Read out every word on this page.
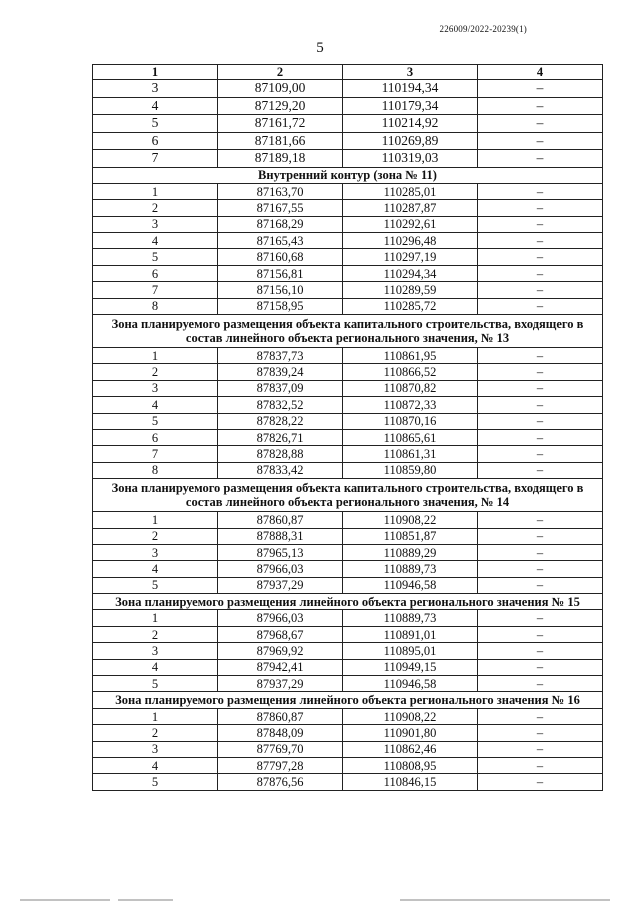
226009/2022-20239(1)
5
1	2	3	4
3	87109,00	110194,34	–
4	87129,20	110179,34	–
5	87161,72	110214,92	–
6	87181,66	110269,89	–
7	87189,18	110319,03	–
Внутренний контур (зона № 11)			
1	87163,70	110285,01	–
2	87167,55	110287,87	–
3	87168,29	110292,61	–
4	87165,43	110296,48	–
5	87160,68	110297,19	–
6	87156,81	110294,34	–
7	87156,10	110289,59	–
8	87158,95	110285,72	–
Зона планируемого размещения объекта капитального строительства, входящего в состав линейного объекта регионального значения, № 13			
1	87837,73	110861,95	–
2	87839,24	110866,52	–
3	87837,09	110870,82	–
4	87832,52	110872,33	–
5	87828,22	110870,16	–
6	87826,71	110865,61	–
7	87828,88	110861,31	–
8	87833,42	110859,80	–
Зона планируемого размещения объекта капитального строительства, входящего в состав линейного объекта регионального значения, № 14			
1	87860,87	110908,22	–
2	87888,31	110851,87	–
3	87965,13	110889,29	–
4	87966,03	110889,73	–
5	87937,29	110946,58	–
Зона планируемого размещения линейного объекта регионального значения № 15			
1	87966,03	110889,73	–
2	87968,67	110891,01	–
3	87969,92	110895,01	–
4	87942,41	110949,15	–
5	87937,29	110946,58	–
Зона планируемого размещения линейного объекта регионального значения № 16			
1	87860,87	110908,22	–
2	87848,09	110901,80	–
3	87769,70	110862,46	–
4	87797,28	110808,95	–
5	87876,56	110846,15	–
